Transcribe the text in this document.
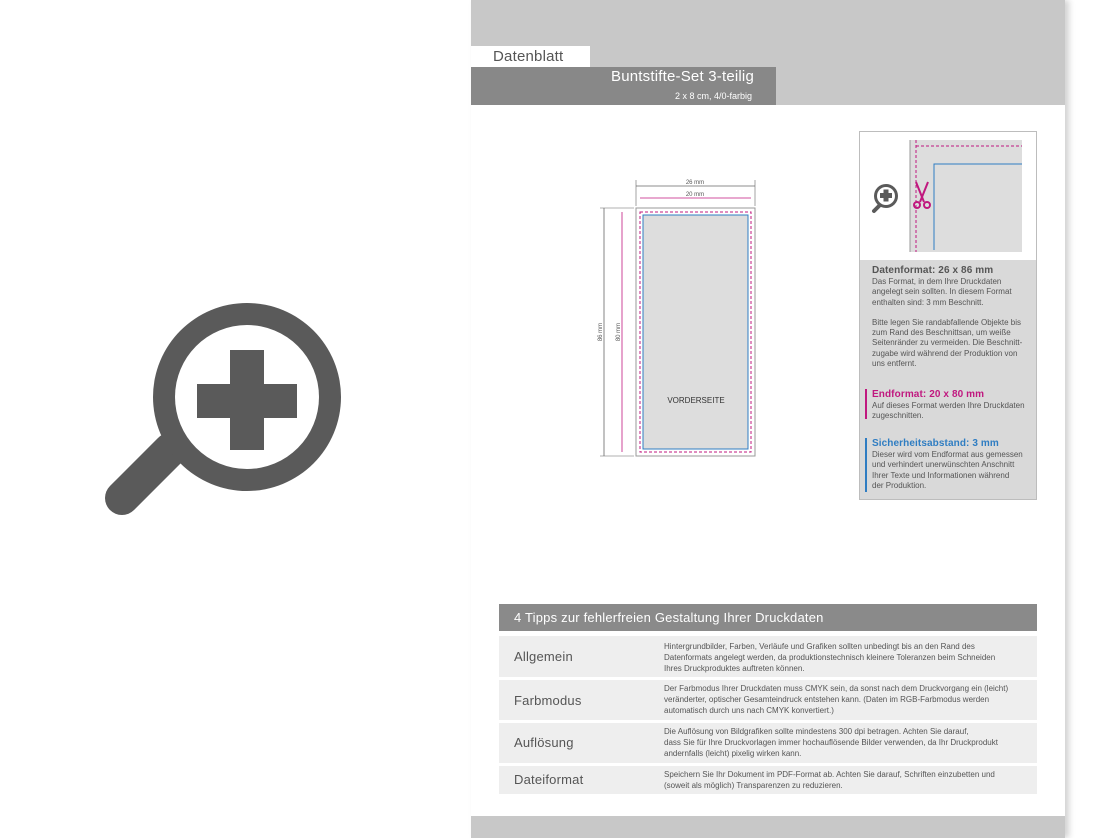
Datenblatt
Buntstifte-Set 3-teilig
2 x 8 cm, 4/0-farbig
26 mm
20 mm
86 mm 80 mm
VORDERSEITE
Datenformat: 26 x 86 mm
Das Format, in dem Ihre Druckdaten
angelegt sein sollten. In diesem Format
enthalten sind: 3 mm Beschnitt.
Bitte legen Sie randabfallende Objekte bis
zum Rand des Beschnittsan, um weiße
Seitenränder zu vermeiden. Die Beschnitt-
zugabe wird während der Produktion von
uns entfernt.
Endformat: 20 x 80 mm
Auf dieses Format werden Ihre Druckdaten
zugeschnitten.
Sicherheitsabstand: 3 mm
Dieser wird vom Endformat aus gemessen
und verhindert unerwünschten Anschnitt
Ihrer Texte und Informationen während
der Produktion.
4 Tipps zur fehlerfreien Gestaltung Ihrer Druckdaten
Allgemein
Hintergrundbilder, Farben, Verläufe und Grafiken sollten unbedingt bis an den Rand des
Datenformats angelegt werden, da produktionstechnisch kleinere Toleranzen beim Schneiden
Ihres Druckproduktes auftreten können.
Farbmodus
Der Farbmodus Ihrer Druckdaten muss CMYK sein, da sonst nach dem Druckvorgang ein (leicht)
veränderter, optischer Gesamteindruck entstehen kann. (Daten im RGB-Farbmodus werden
automatisch durch uns nach CMYK konvertiert.)
Auflösung
Die Auflösung von Bildgrafiken sollte mindestens 300 dpi betragen. Achten Sie darauf,
dass Sie für Ihre Druckvorlagen immer hochauflösende Bilder verwenden, da Ihr Druckprodukt
andernfalls (leicht) pixelig wirken kann.
Dateiformat	Speichern Sie Ihr Dokument im PDF-Format ab. Achten Sie darauf, Schriften einzubetten und
(soweit als möglich) Transparenzen zu reduzieren.
